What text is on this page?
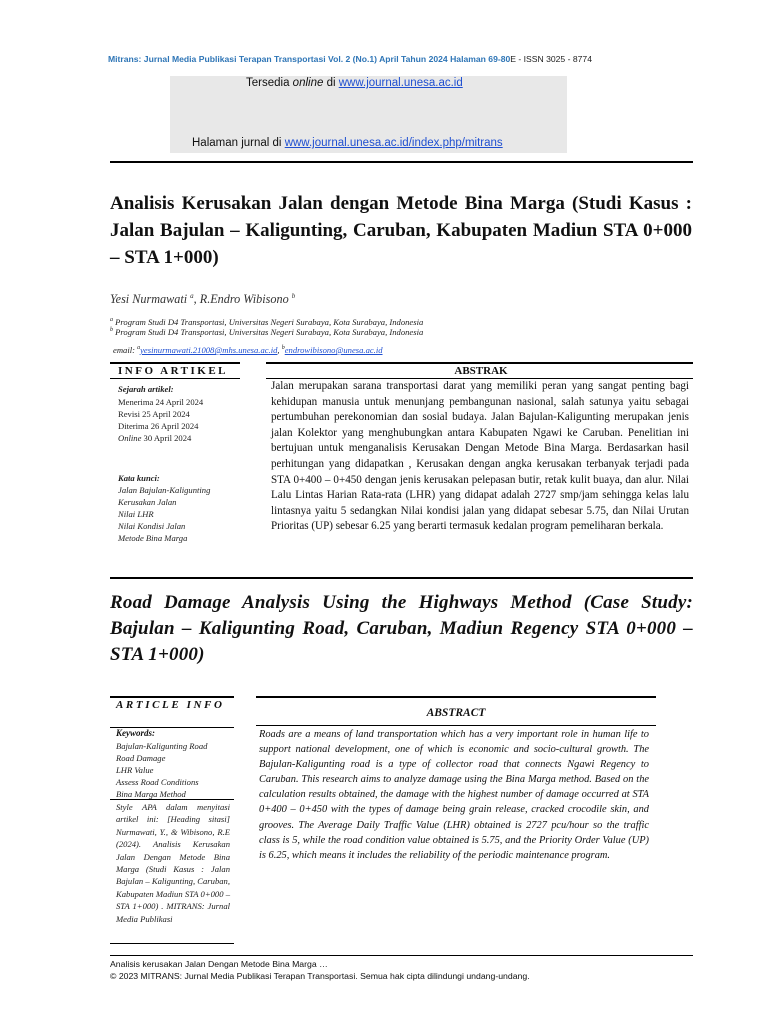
Mitrans: Jurnal Media Publikasi Terapan Transportasi Vol. 2 (No.1) April Tahun 2024 Halaman 69-80E - ISSN 3025 - 8774
Tersedia online di www.journal.unesa.ac.id
Halaman jurnal di www.journal.unesa.ac.id/index.php/mitrans
Analisis Kerusakan Jalan dengan Metode Bina Marga (Studi Kasus : Jalan Bajulan – Kaligunting, Caruban, Kabupaten Madiun STA 0+000 – STA 1+000)
Yesi Nurmawati $^a$, R.Endro Wibisono $^b$
$^a$ Program Studi D4 Transportasi, Universitas Negeri Surabaya, Kota Surabaya, Indonesia
$^b$ Program Studi D4 Transportasi, Universitas Negeri Surabaya, Kota Surabaya, Indonesia
email: $^a$yesinurmawati.21008@mhs.unesa.ac.id, $^b$endrowibisono@unesa.ac.id
INFO ARTIKEL	ABSTRAK
Sejarah artikel:
Menerima 24 April 2024
Revisi 25 April 2024
Diterima 26 April 2024
Online 30 April 2024
Kata kunci:
Jalan Bajulan-Kaligunting
Kerusakan Jalan
Nilai LHR
Nilai Kondisi Jalan
Metode Bina Marga
Jalan merupakan sarana transportasi darat yang memiliki peran yang sangat penting bagi kehidupan manusia untuk menunjang pembangunan nasional, salah satunya yaitu sebagai pertumbuhan perekonomian dan sosial budaya. Jalan Bajulan-Kaligunting merupakan jenis jalan Kolektor yang menghubungkan antara Kabupaten Ngawi ke Caruban. Penelitian ini bertujuan untuk menganalisis Kerusakan Dengan Metode Bina Marga. Berdasarkan hasil perhitungan yang didapatkan , Kerusakan dengan angka kerusakan terbanyak terjadi pada STA 0+400 – 0+450 dengan jenis kerusakan pelepasan butir, retak kulit buaya, dan alur. Nilai Lalu Lintas Harian Rata-rata (LHR) yang didapat adalah 2727 smp/jam sehingga kelas lalu lintasnya yaitu 5 sedangkan Nilai kondisi jalan yang didapat sebesar 5.75, dan Nilai Urutan Prioritas (UP) sebesar 6.25 yang berarti termasuk kedalan program pemeliharan berkala.
Road Damage Analysis Using the Highways Method (Case Study: Bajulan – Kaligunting Road, Caruban, Madiun Regency STA 0+000 – STA 1+000)
ARTICLE INFO
ABSTRACT
Keywords:
Bajulan-Kaligunting Road
Road Damage
LHR Value
Assess Road Conditions
Bina Marga Method
Style APA dalam menyitasi artikel ini: [Heading sitasi] Nurmawati, Y., & Wibisono, R.E (2024). Analisis Kerusakan Jalan Dengan Metode Bina Marga (Studi Kasus : Jalan Bajulan – Kaligunting, Caruban, Kabupaten Madiun STA 0+000 – STA 1+000) . MITRANS: Jurnal Media Publikasi
Roads are a means of land transportation which has a very important role in human life to support national development, one of which is economic and socio-cultural growth. The Bajulan-Kaligunting road is a type of collector road that connects Ngawi Regency to Caruban. This research aims to analyze damage using the Bina Marga method. Based on the calculation results obtained, the damage with the highest number of damage occurred at STA 0+400 – 0+450 with the types of damage being grain release, cracked crocodile skin, and grooves. The Average Daily Traffic Value (LHR) obtained is 2727 pcu/hour so the traffic class is 5, while the road condition value obtained is 5.75, and the Priority Order Value (UP) is 6.25, which means it includes the reliability of the periodic maintenance program.
Analisis kerusakan Jalan Dengan Metode Bina Marga …
© 2023 MITRANS: Jurnal Media Publikasi Terapan Transportasi. Semua hak cipta dilindungi undang-undang.
